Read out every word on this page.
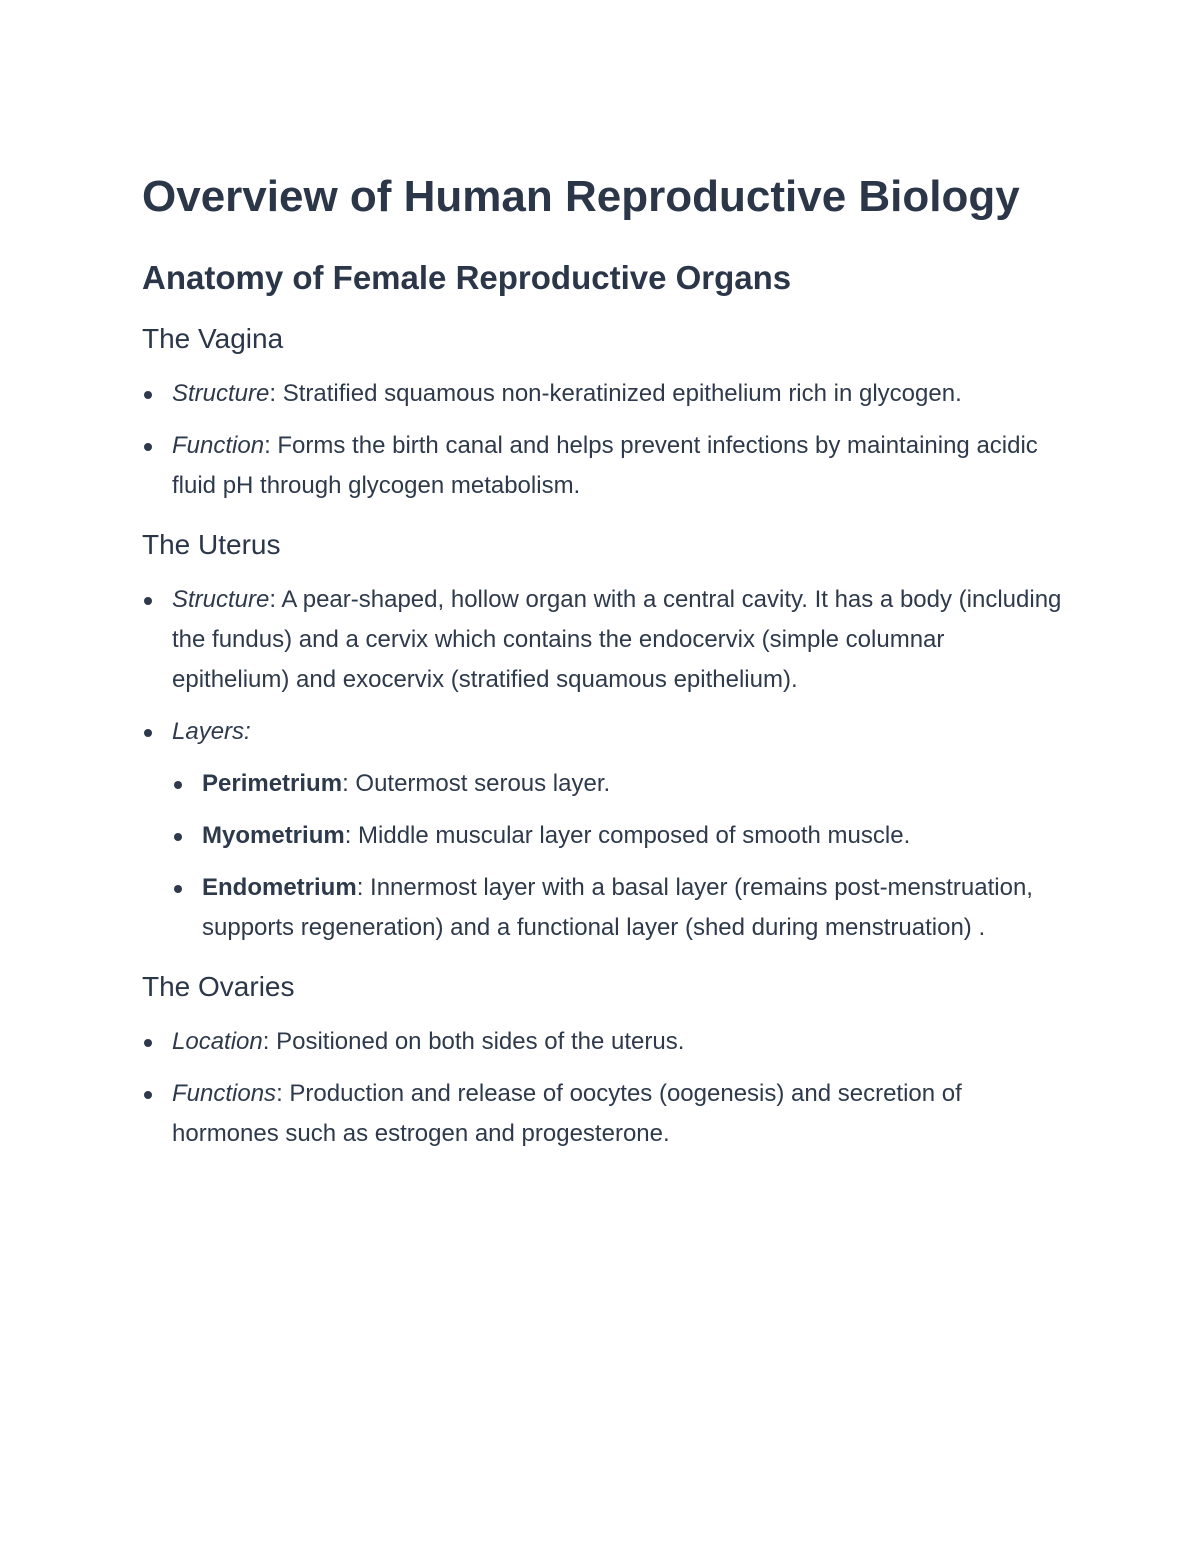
Overview of Human Reproductive Biology
Anatomy of Female Reproductive Organs
The Vagina
Structure: Stratified squamous non-keratinized epithelium rich in glycogen.
Function: Forms the birth canal and helps prevent infections by maintaining acidic fluid pH through glycogen metabolism.
The Uterus
Structure: A pear-shaped, hollow organ with a central cavity. It has a body (including the fundus) and a cervix which contains the endocervix (simple columnar epithelium) and exocervix (stratified squamous epithelium).
Layers:
Perimetrium: Outermost serous layer.
Myometrium: Middle muscular layer composed of smooth muscle.
Endometrium: Innermost layer with a basal layer (remains post-menstruation, supports regeneration) and a functional layer (shed during menstruation) .
The Ovaries
Location: Positioned on both sides of the uterus.
Functions: Production and release of oocytes (oogenesis) and secretion of hormones such as estrogen and progesterone.
